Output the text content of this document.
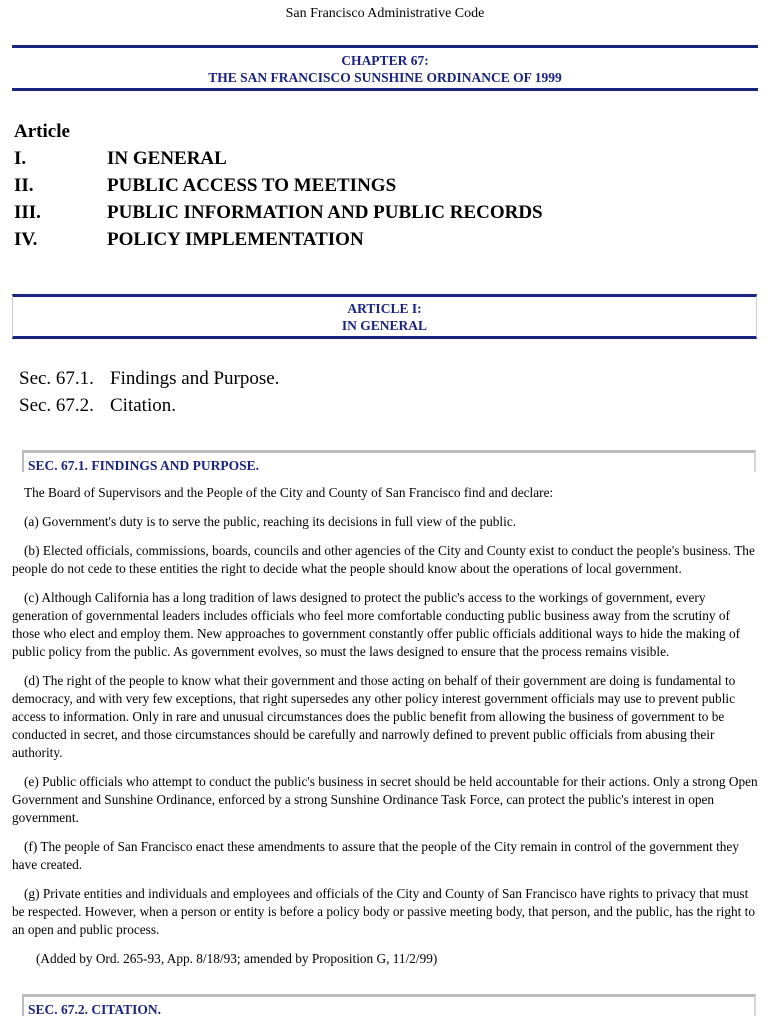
San Francisco Administrative Code
CHAPTER 67:
THE SAN FRANCISCO SUNSHINE ORDINANCE OF 1999
Article
I.	IN GENERAL
II.	PUBLIC ACCESS TO MEETINGS
III.	PUBLIC INFORMATION AND PUBLIC RECORDS
IV.	POLICY IMPLEMENTATION
ARTICLE I:
IN GENERAL
Sec. 67.1. Findings and Purpose.
Sec. 67.2. Citation.
SEC. 67.1. FINDINGS AND PURPOSE.

The Board of Supervisors and the People of the City and County of San Francisco find and declare:

(a) Government's duty is to serve the public, reaching its decisions in full view of the public.

(b) Elected officials, commissions, boards, councils and other agencies of the City and County exist to conduct the people's business. The people do not cede to these entities the right to decide what the people should know about the operations of local government.

(c) Although California has a long tradition of laws designed to protect the public's access to the workings of government, every generation of governmental leaders includes officials who feel more comfortable conducting public business away from the scrutiny of those who elect and employ them. New approaches to government constantly offer public officials additional ways to hide the making of public policy from the public. As government evolves, so must the laws designed to ensure that the process remains visible.

(d) The right of the people to know what their government and those acting on behalf of their government are doing is fundamental to democracy, and with very few exceptions, that right supersedes any other policy interest government officials may use to prevent public access to information. Only in rare and unusual circumstances does the public benefit from allowing the business of government to be conducted in secret, and those circumstances should be carefully and narrowly defined to prevent public officials from abusing their authority.

(e) Public officials who attempt to conduct the public's business in secret should be held accountable for their actions. Only a strong Open Government and Sunshine Ordinance, enforced by a strong Sunshine Ordinance Task Force, can protect the public's interest in open government.

(f) The people of San Francisco enact these amendments to assure that the people of the City remain in control of the government they have created.

(g) Private entities and individuals and employees and officials of the City and County of San Francisco have rights to privacy that must be respected. However, when a person or entity is before a policy body or passive meeting body, that person, and the public, has the right to an open and public process.

(Added by Ord. 265-93, App. 8/18/93; amended by Proposition G, 11/2/99)

SEC. 67.2. CITATION.
